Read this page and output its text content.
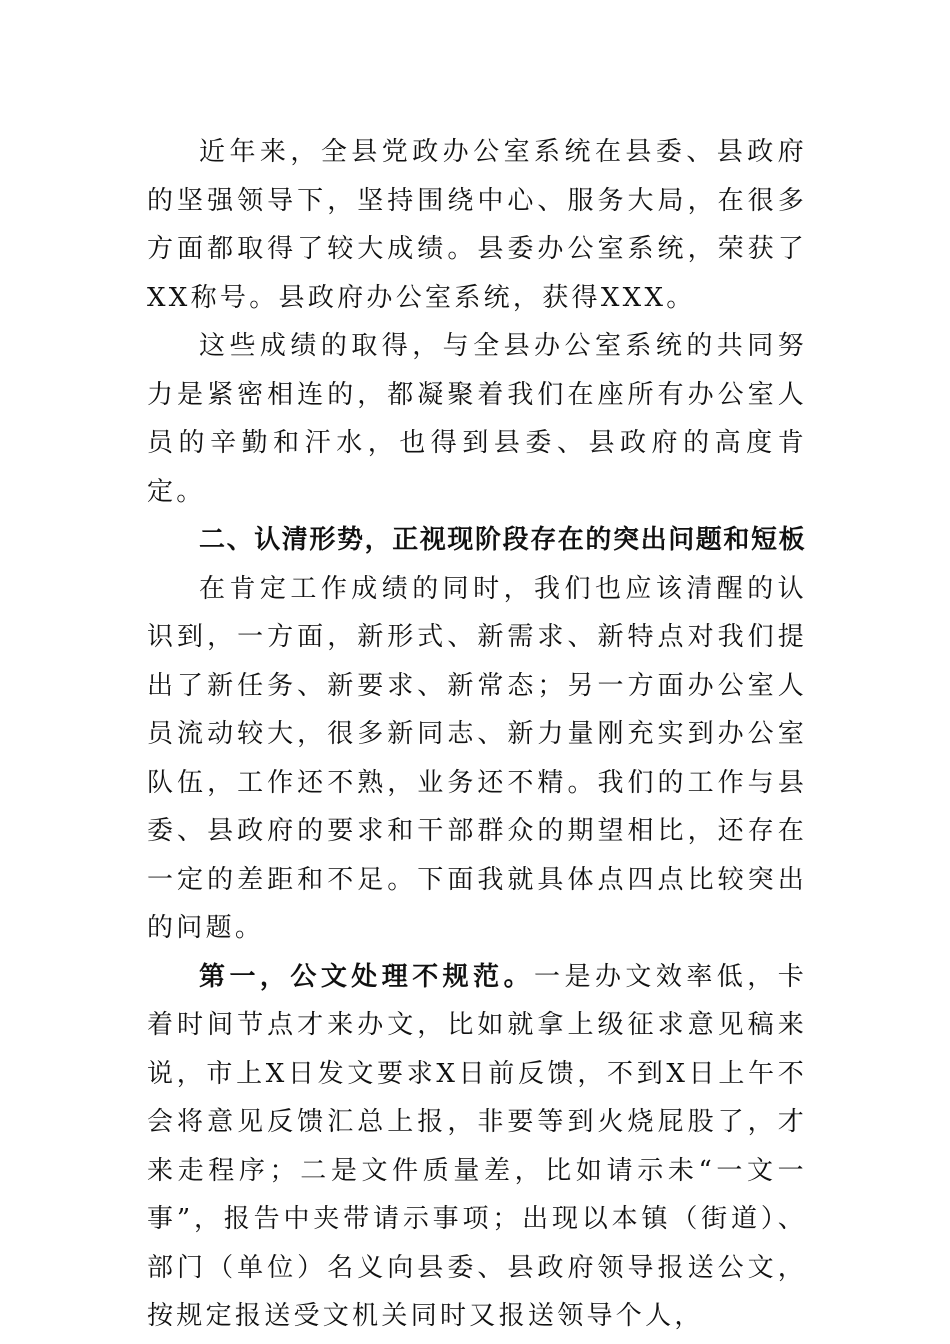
近年来，全县党政办公室系统在县委、县政府的坚强领导下，坚持围绕中心、服务大局，在很多方面都取得了较大成绩。县委办公室系统，荣获了XX称号。县政府办公室系统，获得XXX。

这些成绩的取得，与全县办公室系统的共同努力是紧密相连的，都凝聚着我们在座所有办公室人员的辛勤和汗水，也得到县委、县政府的高度肯定。

二、认清形势，正视现阶段存在的突出问题和短板

在肯定工作成绩的同时，我们也应该清醒的认识到，一方面，新形式、新需求、新特点对我们提出了新任务、新要求、新常态；另一方面办公室人员流动较大，很多新同志、新力量刚充实到办公室队伍，工作还不熟，业务还不精。我们的工作与县委、县政府的要求和干部群众的期望相比，还存在一定的差距和不足。下面我就具体点四点比较突出的问题。

第一，公文处理不规范。一是办文效率低，卡着时间节点才来办文，比如就拿上级征求意见稿来说，市上X日发文要求X日前反馈，不到X日上午不会将意见反馈汇总上报，非要等到火烧屁股了，才来走程序；二是文件质量差，比如请示未“一文一事”，报告中夹带请示事项；出现以本镇（街道）、部门（单位）名义向县委、县政府领导报送公文，按规定报送受文机关同时又报送领导个人，
